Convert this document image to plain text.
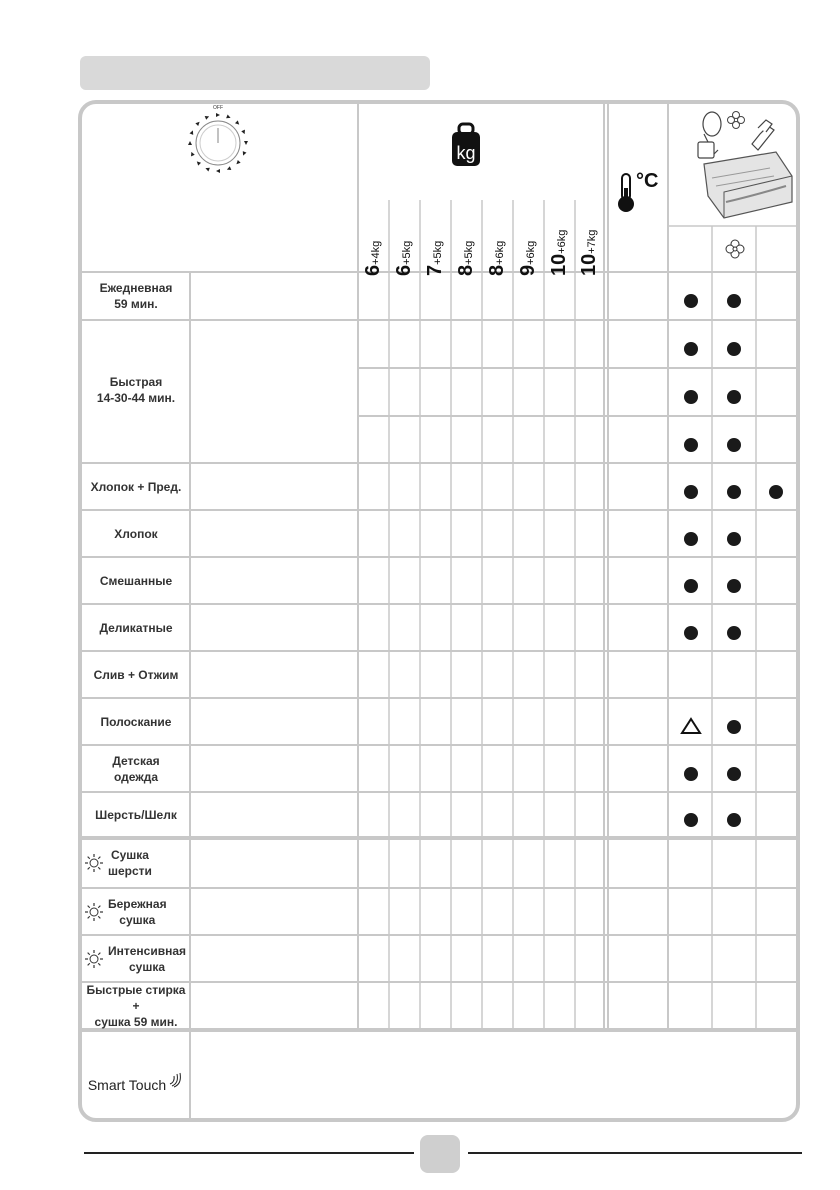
OFF
kg
6+4kg
6+5kg
7+5kg
8+5kg
8+6kg
9+6kg
10+6kg
10+7kg
°C
Ежедневная
59 мин.
Быстрая
14-30-44 мин.
Хлопок + Пред.
Хлопок
Смешанные
Деликатные
Слив + Отжим
Полоскание
Детская
одежда
Шерсть/Шелк
Сушка
шерсти
Бережная
сушка
Интенсивная
сушка
Быстрые стирка +
сушка 59 мин.
Smart Touch
